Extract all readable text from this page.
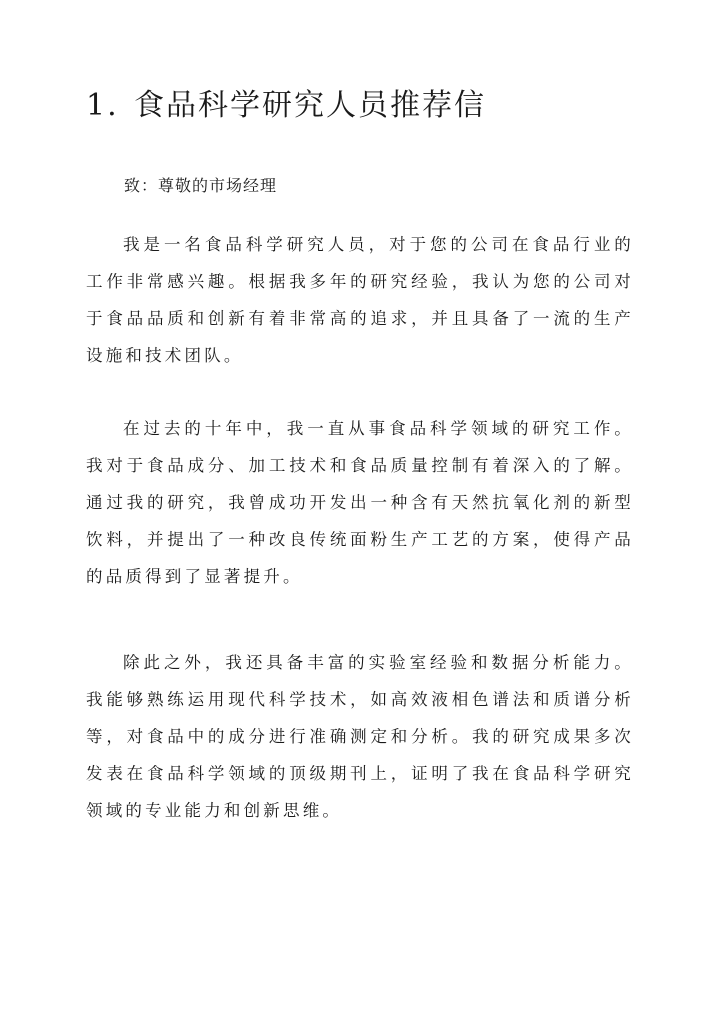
1. 食品科学研究人员推荐信

致：尊敬的市场经理

我是一名食品科学研究人员，对于您的公司在食品行业的工作非常感兴趣。根据我多年的研究经验，我认为您的公司对于食品品质和创新有着非常高的追求，并且具备了一流的生产设施和技术团队。

在过去的十年中，我一直从事食品科学领域的研究工作。我对于食品成分、加工技术和食品质量控制有着深入的了解。通过我的研究，我曾成功开发出一种含有天然抗氧化剂的新型饮料，并提出了一种改良传统面粉生产工艺的方案，使得产品的品质得到了显著提升。

除此之外，我还具备丰富的实验室经验和数据分析能力。我能够熟练运用现代科学技术，如高效液相色谱法和质谱分析等，对食品中的成分进行准确测定和分析。我的研究成果多次发表在食品科学领域的顶级期刊上，证明了我在食品科学研究领域的专业能力和创新思维。
